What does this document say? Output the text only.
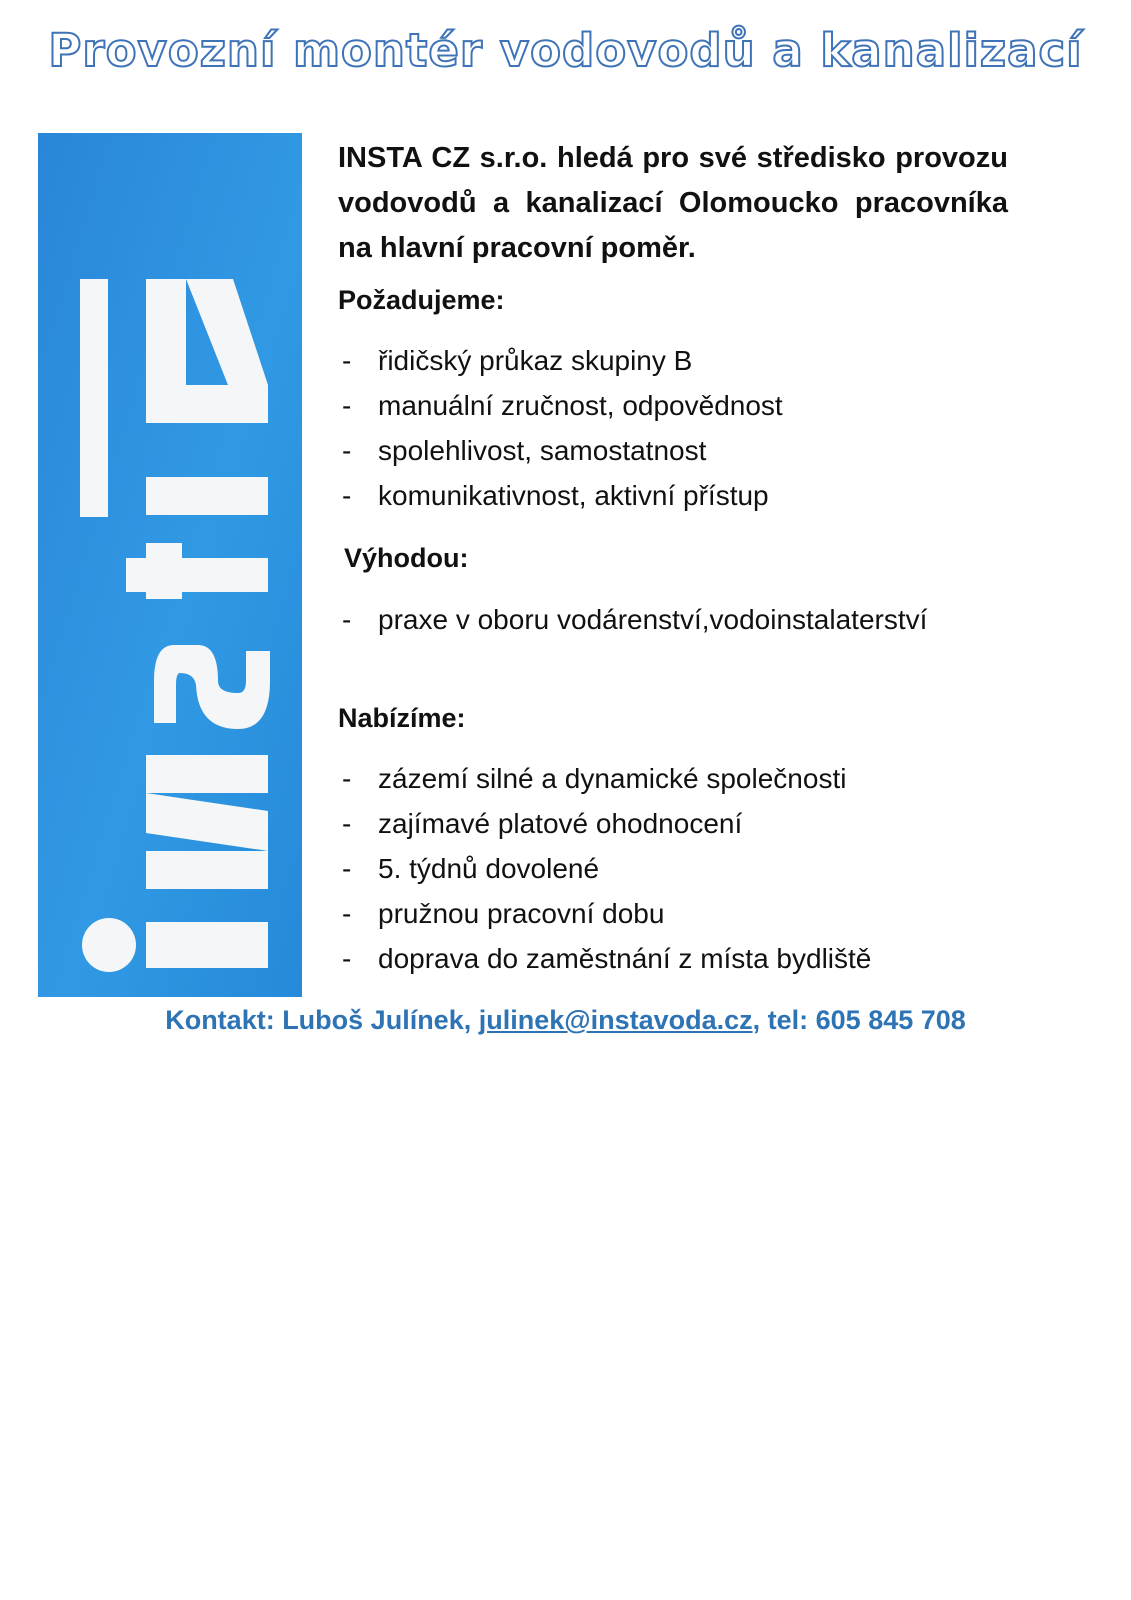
Provozní montér vodovodů a kanalizací
INSTA CZ s.r.o. hledá pro své středisko provozu
vodovodů a kanalizací Olomoucko pracovníka
na hlavní pracovní poměr.
Požadujeme:
- řidičský průkaz skupiny B
- manuální zručnost, odpovědnost
- spolehlivost, samostatnost
- komunikativnost, aktivní přístup
Výhodou:
- praxe v oboru vodárenství,vodoinstalaterství
Nabízíme:
- zázemí silné a dynamické společnosti
- zajímavé platové ohodnocení
- 5. týdnů dovolené
- pružnou pracovní dobu
- doprava do zaměstnání z místa bydliště
Kontakt: Luboš Julínek, julinek@instavoda.cz, tel: 605 845 708
